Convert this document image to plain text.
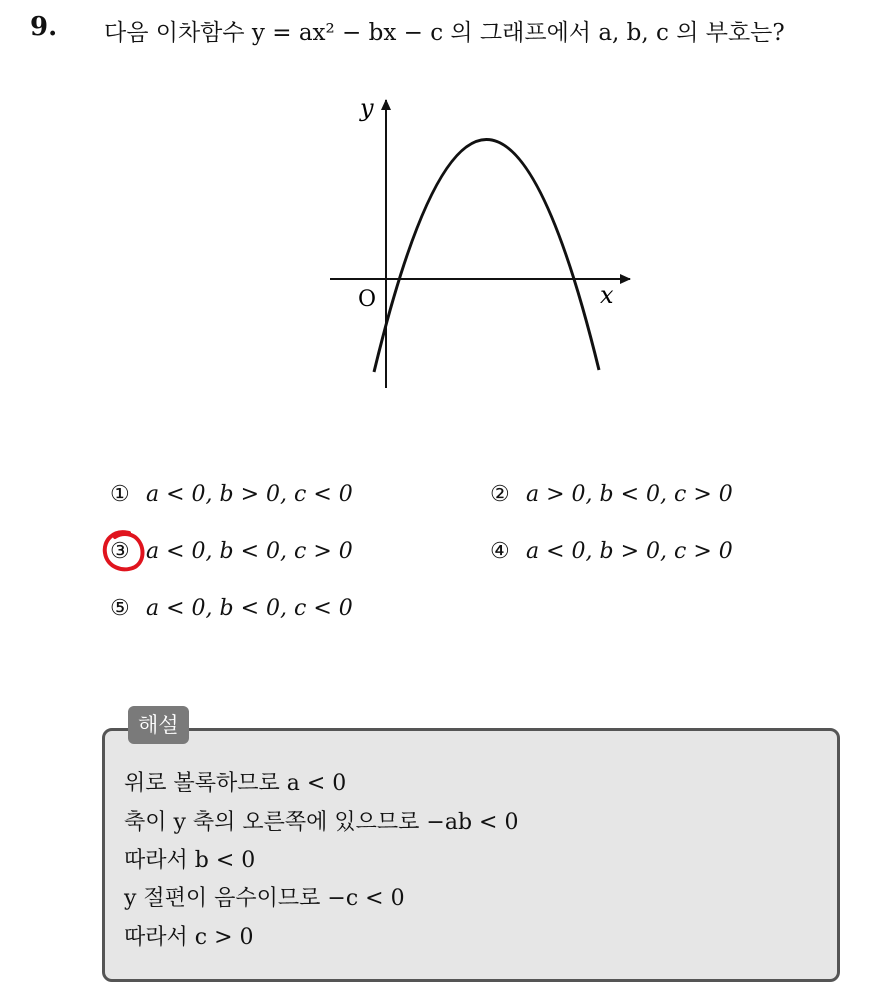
9. 다음 이차함수 y = ax² − bx − c 의 그래프에서 a, b, c 의 부호는?
y
x
O
① a < 0, b > 0, c < 0	② a > 0, b < 0, c > 0
③ a < 0, b < 0, c > 0	④ a < 0, b > 0, c > 0
⑤ a < 0, b < 0, c < 0
해설
위로 볼록하므로 a < 0
축이 y 축의 오른쪽에 있으므로 −ab < 0
따라서 b < 0
y 절편이 음수이므로 −c < 0
따라서 c > 0
